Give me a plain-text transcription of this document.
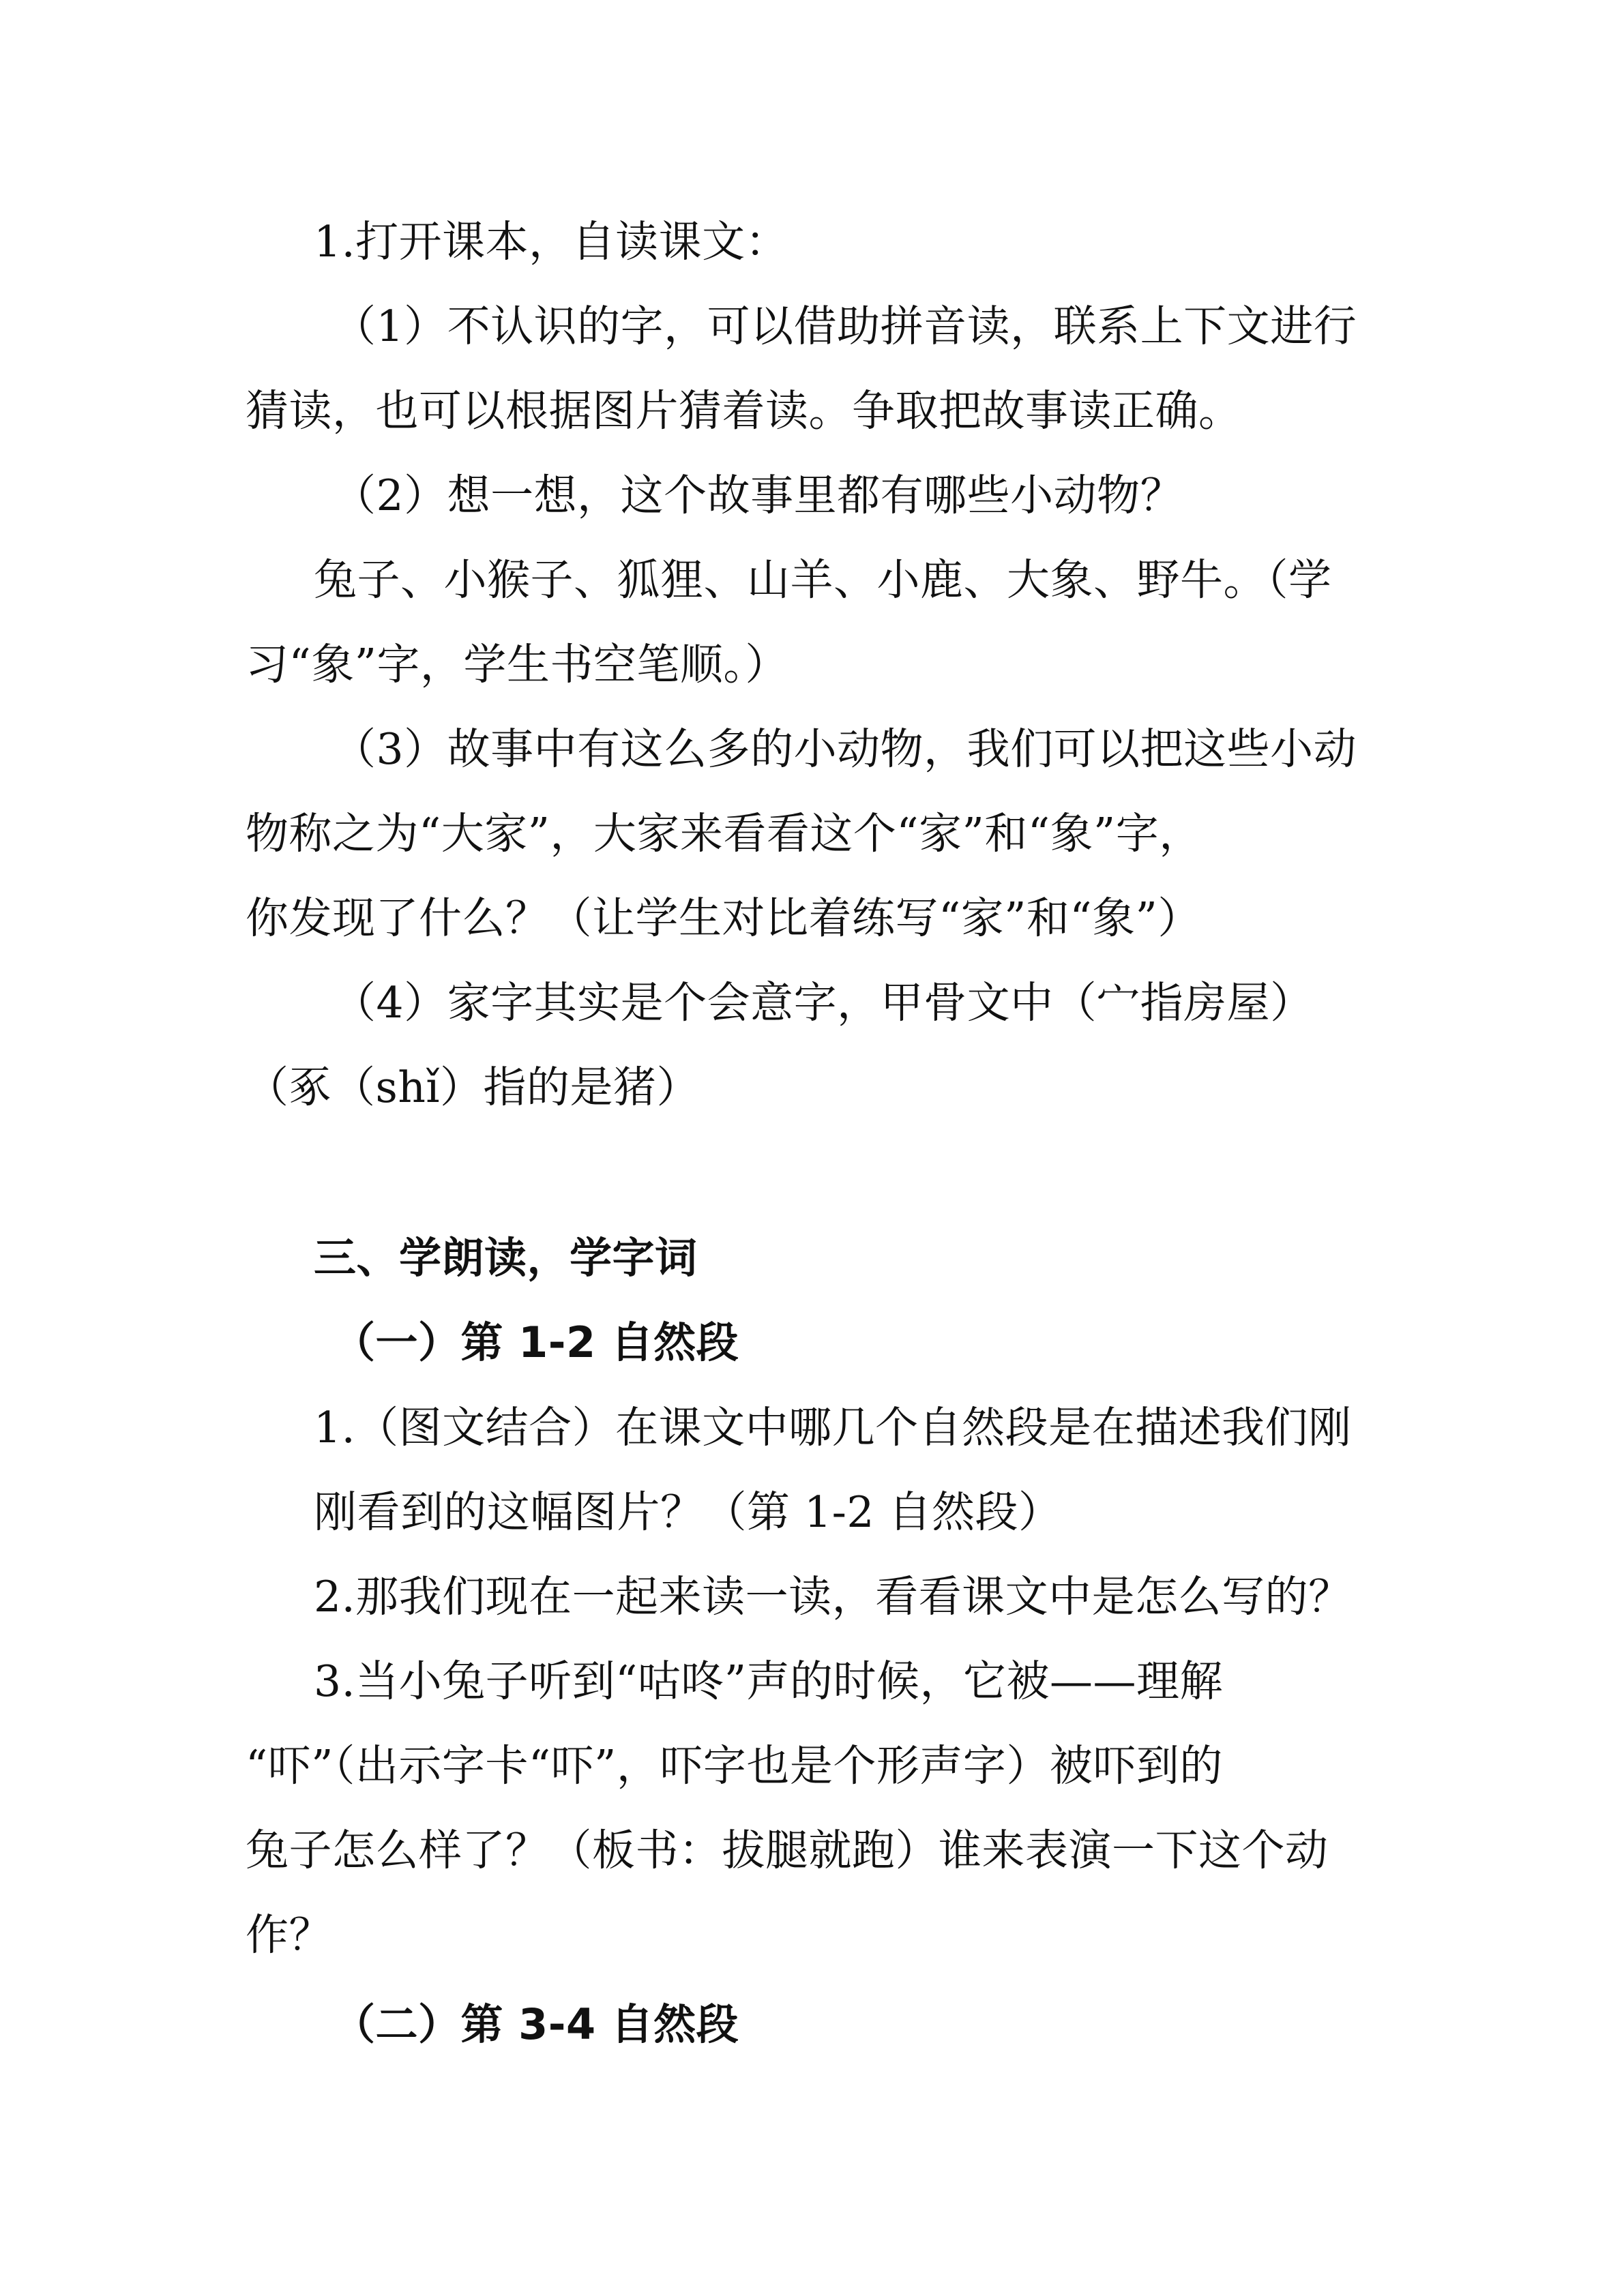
1.打开课本，自读课文：
（1）不认识的字，可以借助拼音读，联系上下文进行
猜读，也可以根据图片猜着读。争取把故事读正确。
（2）想一想，这个故事里都有哪些小动物？
兔子、小猴子、狐狸、山羊、小鹿、大象、野牛。（学
习“象”字，学生书空笔顺。）
（3）故事中有这么多的小动物，我们可以把这些小动
物称之为“大家”，大家来看看这个“家”和“象”字，
你发现了什么？（让学生对比着练写“家”和“象”）
（4）家字其实是个会意字，甲骨文中（宀指房屋）
（豖（shǐ）指的是猪）
三、学朗读，学字词
（一）第 1-2 自然段
1.（图文结合）在课文中哪几个自然段是在描述我们刚
刚看到的这幅图片？（第 1-2 自然段）
2.那我们现在一起来读一读，看看课文中是怎么写的？
3.当小兔子听到“咕咚”声的时候，它被——理解
“吓”（出示字卡“吓”，吓字也是个形声字）被吓到的
兔子怎么样了？（板书：拔腿就跑）谁来表演一下这个动
作？
（二）第 3-4 自然段
